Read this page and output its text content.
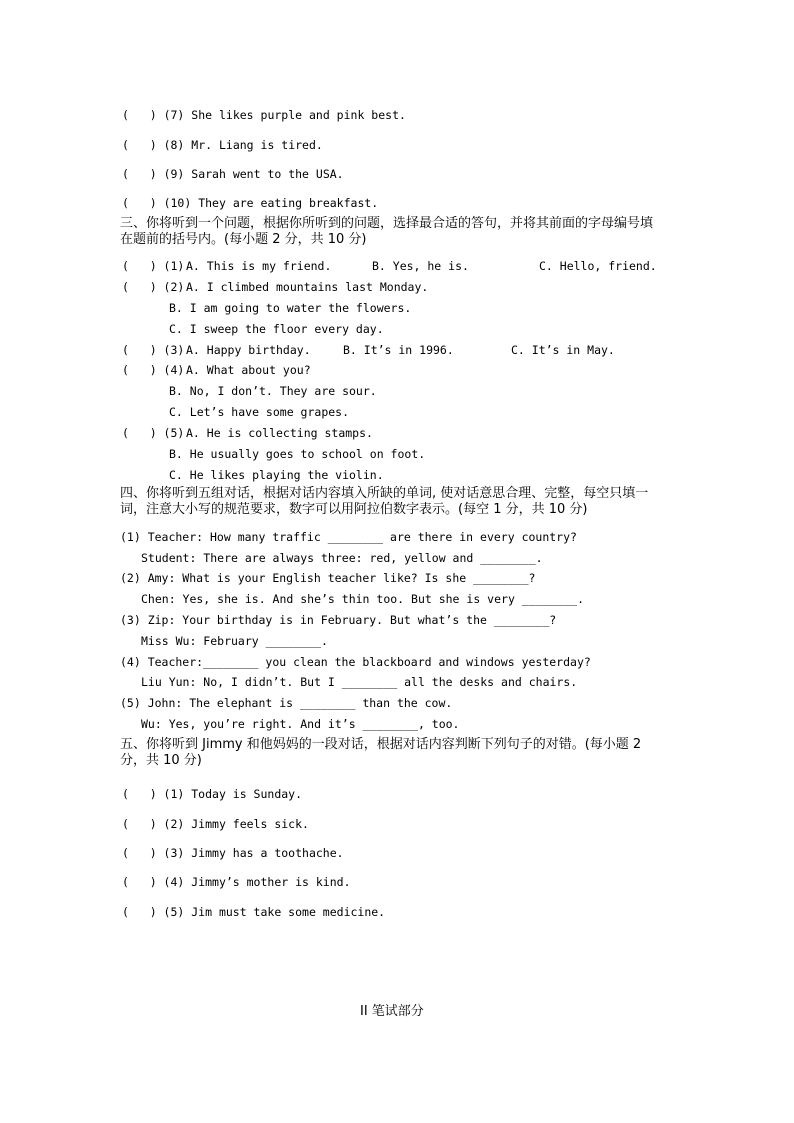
(   ) (7) She likes purple and pink best.
(   ) (8) Mr. Liang is tired.
(   ) (9) Sarah went to the USA.
(   ) (10) They are eating breakfast.
三、你将听到一个问题，根据你所听到的问题，选择最合适的答句，并将其前面的字母编号填在题前的括号内。(每小题 2 分，共 10 分)
(   ) (1) A. This is my friend.	B. Yes, he is.	C. Hello, friend.
(   ) (2) A. I climbed mountains last Monday.
B. I am going to water the flowers.
C. I sweep the floor every day.
(   ) (3) A. Happy birthday.	B. It’s in 1996.	C. It’s in May.
(   ) (4) A. What about you?
B. No, I don’t. They are sour.
C. Let’s have some grapes.
(   ) (5) A. He is collecting stamps.
B. He usually goes to school on foot.
C. He likes playing the violin.
四、你将听到五组对话，根据对话内容填入所缺的单词, 使对话意思合理、完整，每空只填一词，注意大小写的规范要求，数字可以用阿拉伯数字表示。(每空 1 分，共 10 分)
(1) Teacher: How many traffic ________ are there in every country?
Student: There are always three: red, yellow and ________.
(2) Amy: What is your English teacher like? Is she ________?
Chen: Yes, she is. And she’s thin too. But she is very ________.
(3) Zip: Your birthday is in February. But what’s the ________?
Miss Wu: February ________.
(4) Teacher:________ you clean the blackboard and windows yesterday?
Liu Yun: No, I didn’t. But I ________ all the desks and chairs.
(5) John: The elephant is ________ than the cow.
Wu: Yes, you’re right. And it’s ________, too.
五、你将听到 Jimmy 和他妈妈的一段对话，根据对话内容判断下列句子的对错。(每小题 2 分，共 10 分)
(   ) (1) Today is Sunday.
(   ) (2) Jimmy feels sick.
(   ) (3) Jimmy has a toothache.
(   ) (4) Jimmy’s mother is kind.
(   ) (5) Jim must take some medicine.
II 笔试部分
